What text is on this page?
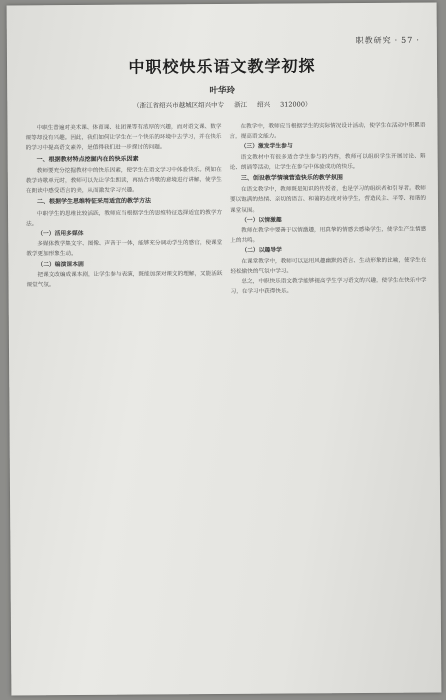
职教研究 · 57 ·
中职校快乐语文教学初探
叶华玲
（浙江省绍兴市越城区绍兴中专 浙江 绍兴 312000）

中职生普遍对美术课、体育课、社团课等有浓厚的兴趣，而对语文课、数学课等却没有兴趣。因此，我们如何让学生在一个快乐的环境中去学习，并在快乐的学习中提高语文素养，是值得我们进一步探讨的问题。

一、根据教材特点挖掘内在的快乐因素

教师要充分挖掘教材中的快乐因素，使学生在语文学习中体验快乐。例如在教学诗歌单元时，教师可以先让学生朗读，再结合诗歌的意境进行讲解，使学生在朗读中感受语言的美，从而激发学习兴趣。

二、根据学生思维特征采用适宜的教学方法

中职学生的思维比较活跃，教师应当根据学生的思维特征选择适宜的教学方法。

（一）活用多媒体

多媒体教学集文字、图像、声音于一体，能够充分调动学生的感官，使课堂教学更加形象生动。

（二）编演课本剧

把课文改编成课本剧，让学生参与表演，既能加深对课文的理解，又能活跃课堂气氛。

在教学中，教师应当根据学生的实际情况设计活动，使学生在活动中积累语言，提高语文能力。

（三）激发学生参与

语文教材中有很多适合学生参与的内容，教师可以组织学生开展讨论、辩论、朗诵等活动，让学生在参与中体验成功的快乐。

三、创设教学情境营造快乐的教学氛围

在语文教学中，教师既是知识的传授者，也是学习的组织者和引导者。教师要以饱满的热情、亲切的语言、和蔼的态度对待学生，营造民主、平等、和谐的课堂氛围。

（一）以情激趣

教师在教学中要善于以情激趣，用真挚的情感去感染学生，使学生产生情感上的共鸣。

（二）以趣导学

在课堂教学中，教师可以运用风趣幽默的语言、生动形象的比喻，使学生在轻松愉快的气氛中学习。

总之，中职快乐语文教学能够提高学生学习语文的兴趣，使学生在快乐中学习，在学习中获得快乐。
